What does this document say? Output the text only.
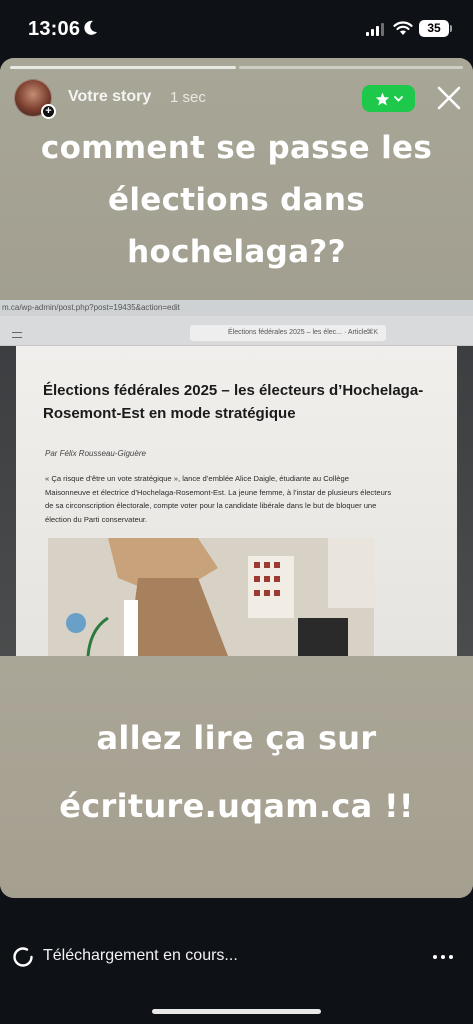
13:06	35
+
Votre story 1 sec
comment se passe les
élections dans
hochelaga??
m.ca/wp-admin/post.php?post=19435&action=edit
Élections fédérales 2025 – les élec... · Article ⌘K
Élections fédérales 2025 – les électeurs d’Hochelaga-Rosemont-Est en mode stratégique
Par Félix Rousseau-Giguère
« Ça risque d’être un vote stratégique », lance d’emblée Alice Daigle, étudiante au Collège Maisonneuve et électrice d’Hochelaga-Rosemont-Est. La jeune femme, à l’instar de plusieurs électeurs de sa circonscription électorale, compte voter pour la candidate libérale dans le but de bloquer une élection du Parti conservateur.
allez lire ça sur
écriture.uqam.ca !!
Téléchargement en cours...
